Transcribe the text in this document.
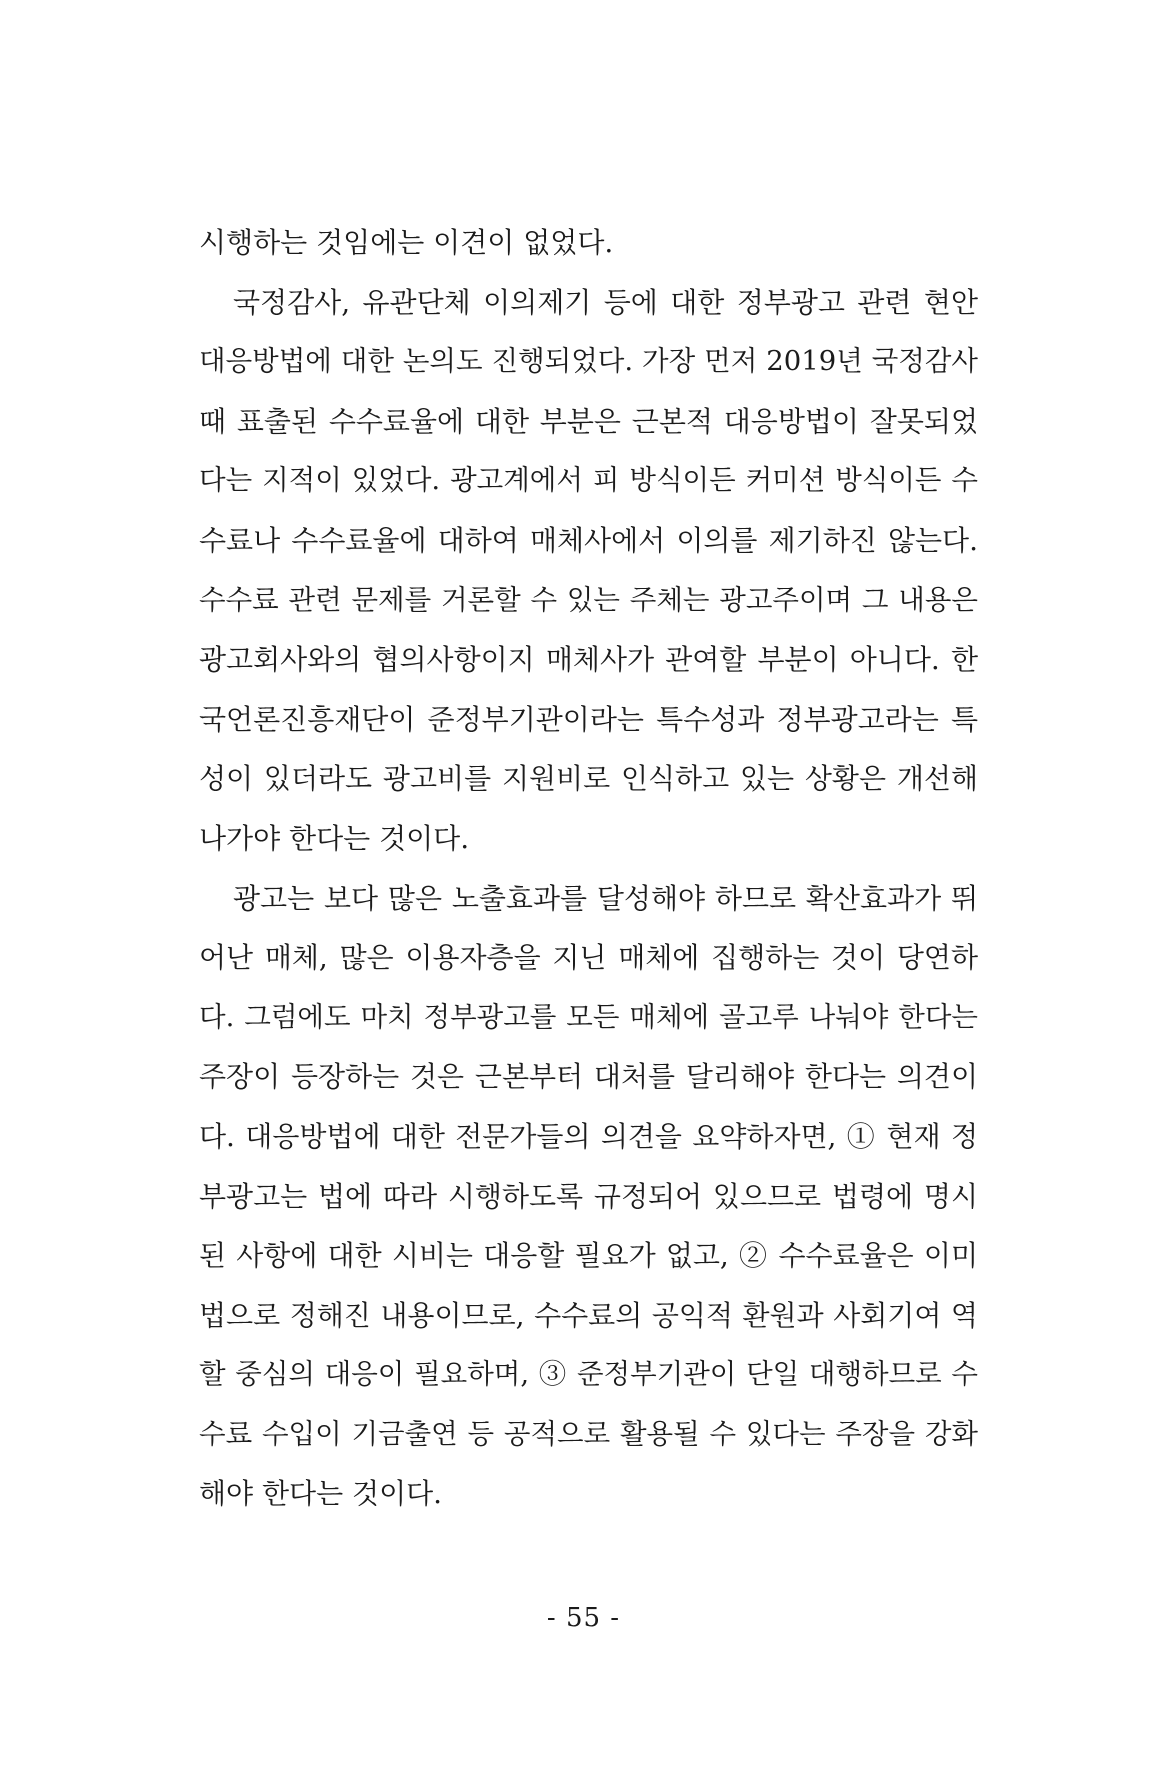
시행하는 것임에는 이견이 없었다.
국정감사, 유관단체 이의제기 등에 대한 정부광고 관련 현안
대응방법에 대한 논의도 진행되었다. 가장 먼저 2019년 국정감사
때 표출된 수수료율에 대한 부분은 근본적 대응방법이 잘못되었
다는 지적이 있었다. 광고계에서 피 방식이든 커미션 방식이든 수
수료나 수수료율에 대하여 매체사에서 이의를 제기하진 않는다.
수수료 관련 문제를 거론할 수 있는 주체는 광고주이며 그 내용은
광고회사와의 협의사항이지 매체사가 관여할 부분이 아니다. 한
국언론진흥재단이 준정부기관이라는 특수성과 정부광고라는 특
성이 있더라도 광고비를 지원비로 인식하고 있는 상황은 개선해
나가야 한다는 것이다.
광고는 보다 많은 노출효과를 달성해야 하므로 확산효과가 뛰
어난 매체, 많은 이용자층을 지닌 매체에 집행하는 것이 당연하
다. 그럼에도 마치 정부광고를 모든 매체에 골고루 나눠야 한다는
주장이 등장하는 것은 근본부터 대처를 달리해야 한다는 의견이
다. 대응방법에 대한 전문가들의 의견을 요약하자면, ① 현재 정
부광고는 법에 따라 시행하도록 규정되어 있으므로 법령에 명시
된 사항에 대한 시비는 대응할 필요가 없고, ② 수수료율은 이미
법으로 정해진 내용이므로, 수수료의 공익적 환원과 사회기여 역
할 중심의 대응이 필요하며, ③ 준정부기관이 단일 대행하므로 수
수료 수입이 기금출연 등 공적으로 활용될 수 있다는 주장을 강화
해야 한다는 것이다.
- 55 -
